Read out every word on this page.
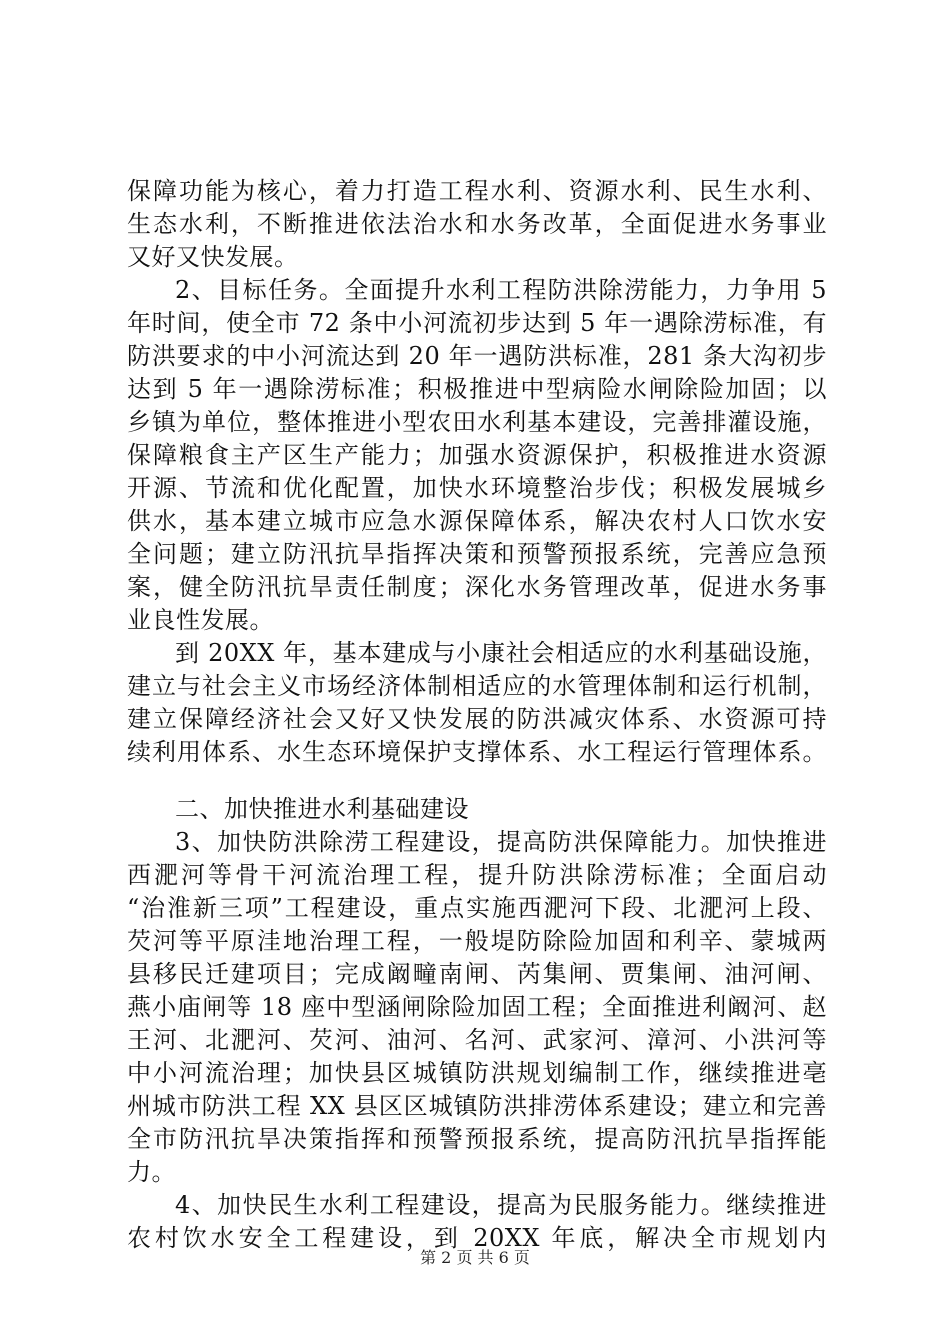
保障功能为核心，着力打造工程水利、资源水利、民生水利、
生态水利，不断推进依法治水和水务改革，全面促进水务事业
又好又快发展。
2、目标任务。全面提升水利工程防洪除涝能力，力争用 5
年时间，使全市 72 条中小河流初步达到 5 年一遇除涝标准，有
防洪要求的中小河流达到 20 年一遇防洪标准，281 条大沟初步
达到 5 年一遇除涝标准；积极推进中型病险水闸除险加固；以
乡镇为单位，整体推进小型农田水利基本建设，完善排灌设施，
保障粮食主产区生产能力；加强水资源保护，积极推进水资源
开源、节流和优化配置，加快水环境整治步伐；积极发展城乡
供水，基本建立城市应急水源保障体系，解决农村人口饮水安
全问题；建立防汛抗旱指挥决策和预警预报系统，完善应急预
案，健全防汛抗旱责任制度；深化水务管理改革，促进水务事
业良性发展。
到 20XX 年，基本建成与小康社会相适应的水利基础设施，
建立与社会主义市场经济体制相适应的水管理体制和运行机制，
建立保障经济社会又好又快发展的防洪减灾体系、水资源可持
续利用体系、水生态环境保护支撑体系、水工程运行管理体系。
二、加快推进水利基础建设
3、加快防洪除涝工程建设，提高防洪保障能力。加快推进
西淝河等骨干河流治理工程，提升防洪除涝标准；全面启动
“治淮新三项”工程建设，重点实施西淝河下段、北淝河上段、
芡河等平原洼地治理工程，一般堤防除险加固和利辛、蒙城两
县移民迁建项目；完成阚疃南闸、芮集闸、贾集闸、油河闸、
燕小庙闸等 18 座中型涵闸除险加固工程；全面推进利阚河、赵
王河、北淝河、芡河、油河、名河、武家河、漳河、小洪河等
中小河流治理；加快县区城镇防洪规划编制工作，继续推进亳
州城市防洪工程 XX 县区区城镇防洪排涝体系建设；建立和完善
全市防汛抗旱决策指挥和预警预报系统，提高防汛抗旱指挥能
力。
4、加快民生水利工程建设，提高为民服务能力。继续推进
农村饮水安全工程建设，到 20XX 年底，解决全市规划内
第 2 页 共 6 页
